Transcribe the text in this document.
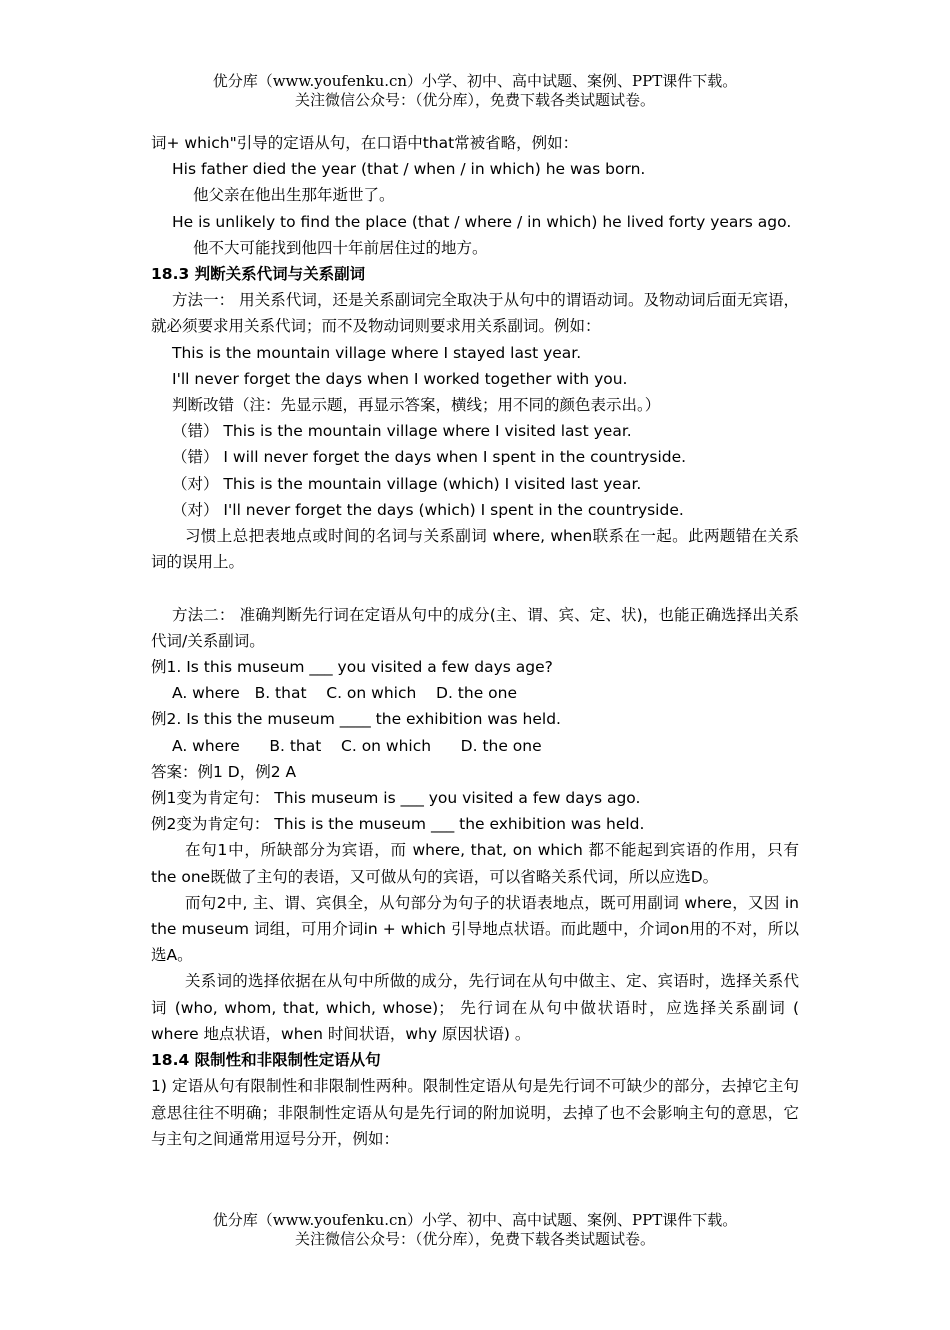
优分库（www.youfenku.cn）小学、初中、高中试题、案例、PPT课件下载。
关注微信公众号：（优分库），免费下载各类试题试卷。

词+ which"引导的定语从句，在口语中that常被省略，例如：

His father died the year (that / when / in which) he was born.

他父亲在他出生那年逝世了。

He is unlikely to find the place (that / where / in which) he lived forty years ago.

他不大可能找到他四十年前居住过的地方。

18.3 判断关系代词与关系副词

方法一： 用关系代词，还是关系副词完全取决于从句中的谓语动词。及物动词后面无宾语，就必须要求用关系代词；而不及物动词则要求用关系副词。例如：

This is the mountain village where I stayed last year.

I'll never forget the days when I worked together with you.

判断改错（注：先显示题，再显示答案，横线；用不同的颜色表示出。）

（错） This is the mountain village where I visited last year.

（错） I will never forget the days when I spent in the countryside.

（对） This is the mountain village (which) I visited last year.

（对） I'll never forget the days (which) I spent in the countryside.

习惯上总把表地点或时间的名词与关系副词 where, when联系在一起。此两题错在关系词的误用上。

方法二： 准确判断先行词在定语从句中的成分(主、谓、宾、定、状)，也能正确选择出关系代词/关系副词。

例1. Is this museum ___ you visited a few days age?

A. where   B. that    C. on which    D. the one

例2. Is this the museum ____ the exhibition was held.

A. where      B. that    C. on which      D. the one

答案：例1 D，例2 A

例1变为肯定句： This museum is ___ you visited a few days ago.

例2变为肯定句： This is the museum ___ the exhibition was held.

在句1中，所缺部分为宾语，而 where, that, on which 都不能起到宾语的作用，只有the one既做了主句的表语，又可做从句的宾语，可以省略关系代词，所以应选D。

而句2中, 主、谓、宾俱全，从句部分为句子的状语表地点，既可用副词 where，又因 in the museum 词组，可用介词in + which 引导地点状语。而此题中，介词on用的不对，所以选A。

关系词的选择依据在从句中所做的成分，先行词在从句中做主、定、宾语时，选择关系代词 (who, whom, that, which, whose)； 先行词在从句中做状语时，应选择关系副词 ( where 地点状语，when 时间状语，why 原因状语) 。

18.4 限制性和非限制性定语从句

1) 定语从句有限制性和非限制性两种。限制性定语从句是先行词不可缺少的部分，去掉它主句意思往往不明确；非限制性定语从句是先行词的附加说明，去掉了也不会影响主句的意思，它与主句之间通常用逗号分开，例如：

优分库（www.youfenku.cn）小学、初中、高中试题、案例、PPT课件下载。
关注微信公众号：（优分库），免费下载各类试题试卷。
